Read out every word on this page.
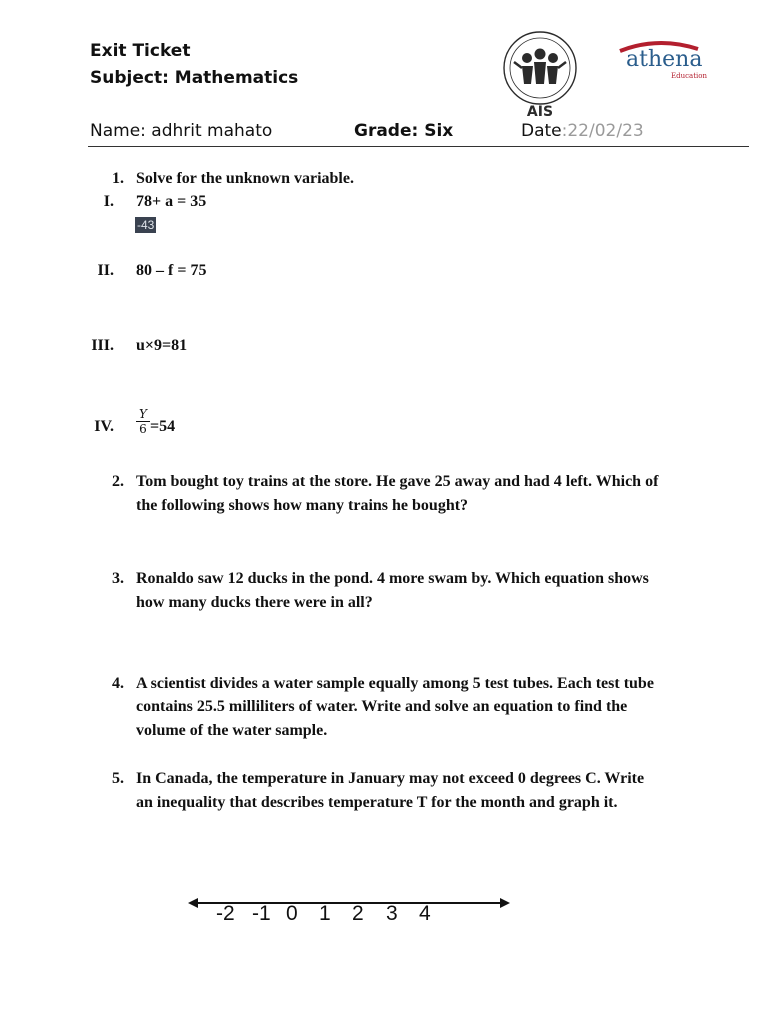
Exit Ticket
Subject: Mathematics
Name: adhrit mahato	Grade: Six	Date:22/02/23
AIS
athena
Education
1. Solve for the unknown variable.
I. 78+ a = 35
-43
II. 80 – f = 75
III. u×9=81
IV. $\frac{Y}{6} =54$
2. Tom bought toy trains at the store. He gave 25 away and had 4 left. Which of
the following shows how many trains he bought?
3. Ronaldo saw 12 ducks in the pond. 4 more swam by. Which equation shows
how many ducks there were in all?
4. A scientist divides a water sample equally among 5 test tubes. Each test tube
contains 25.5 milliliters of water. Write and solve an equation to find the
volume of the water sample.
5. In Canada, the temperature in January may not exceed 0 degrees C. Write
an inequality that describes temperature T for the month and graph it.
-2 -1 0 1 2 3 4
